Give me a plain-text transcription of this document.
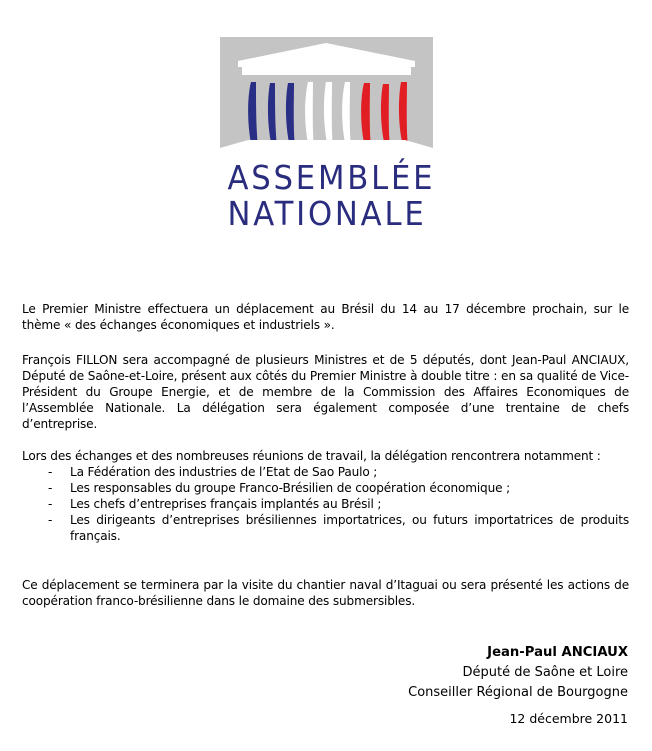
ASSEMBLÉE
NATIONALE

Le Premier Ministre effectuera un déplacement au Brésil du 14 au 17 décembre prochain, sur le thème « des échanges économiques et industriels ».

François FILLON sera accompagné de plusieurs Ministres et de 5 députés, dont Jean-Paul ANCIAUX, Député de Saône-et-Loire, présent aux côtés du Premier Ministre à double titre : en sa qualité de Vice-Président du Groupe Energie, et de membre de la Commission des Affaires Economiques de l’Assemblée Nationale. La délégation sera également composée d’une trentaine de chefs d’entreprise.

Lors des échanges et des nombreuses réunions de travail, la délégation rencontrera notamment :

- La Fédération des industries de l’Etat de Sao Paulo ;
- Les responsables du groupe Franco-Brésilien de coopération économique ;
- Les chefs d’entreprises français implantés au Brésil ;
- Les dirigeants d’entreprises brésiliennes importatrices, ou futurs importatrices de produits français.

Ce déplacement se terminera par la visite du chantier naval d’Itaguai ou sera présenté les actions de coopération franco-brésilienne dans le domaine des submersibles.

Jean-Paul ANCIAUX
Député de Saône et Loire
Conseiller Régional de Bourgogne
12 décembre 2011
